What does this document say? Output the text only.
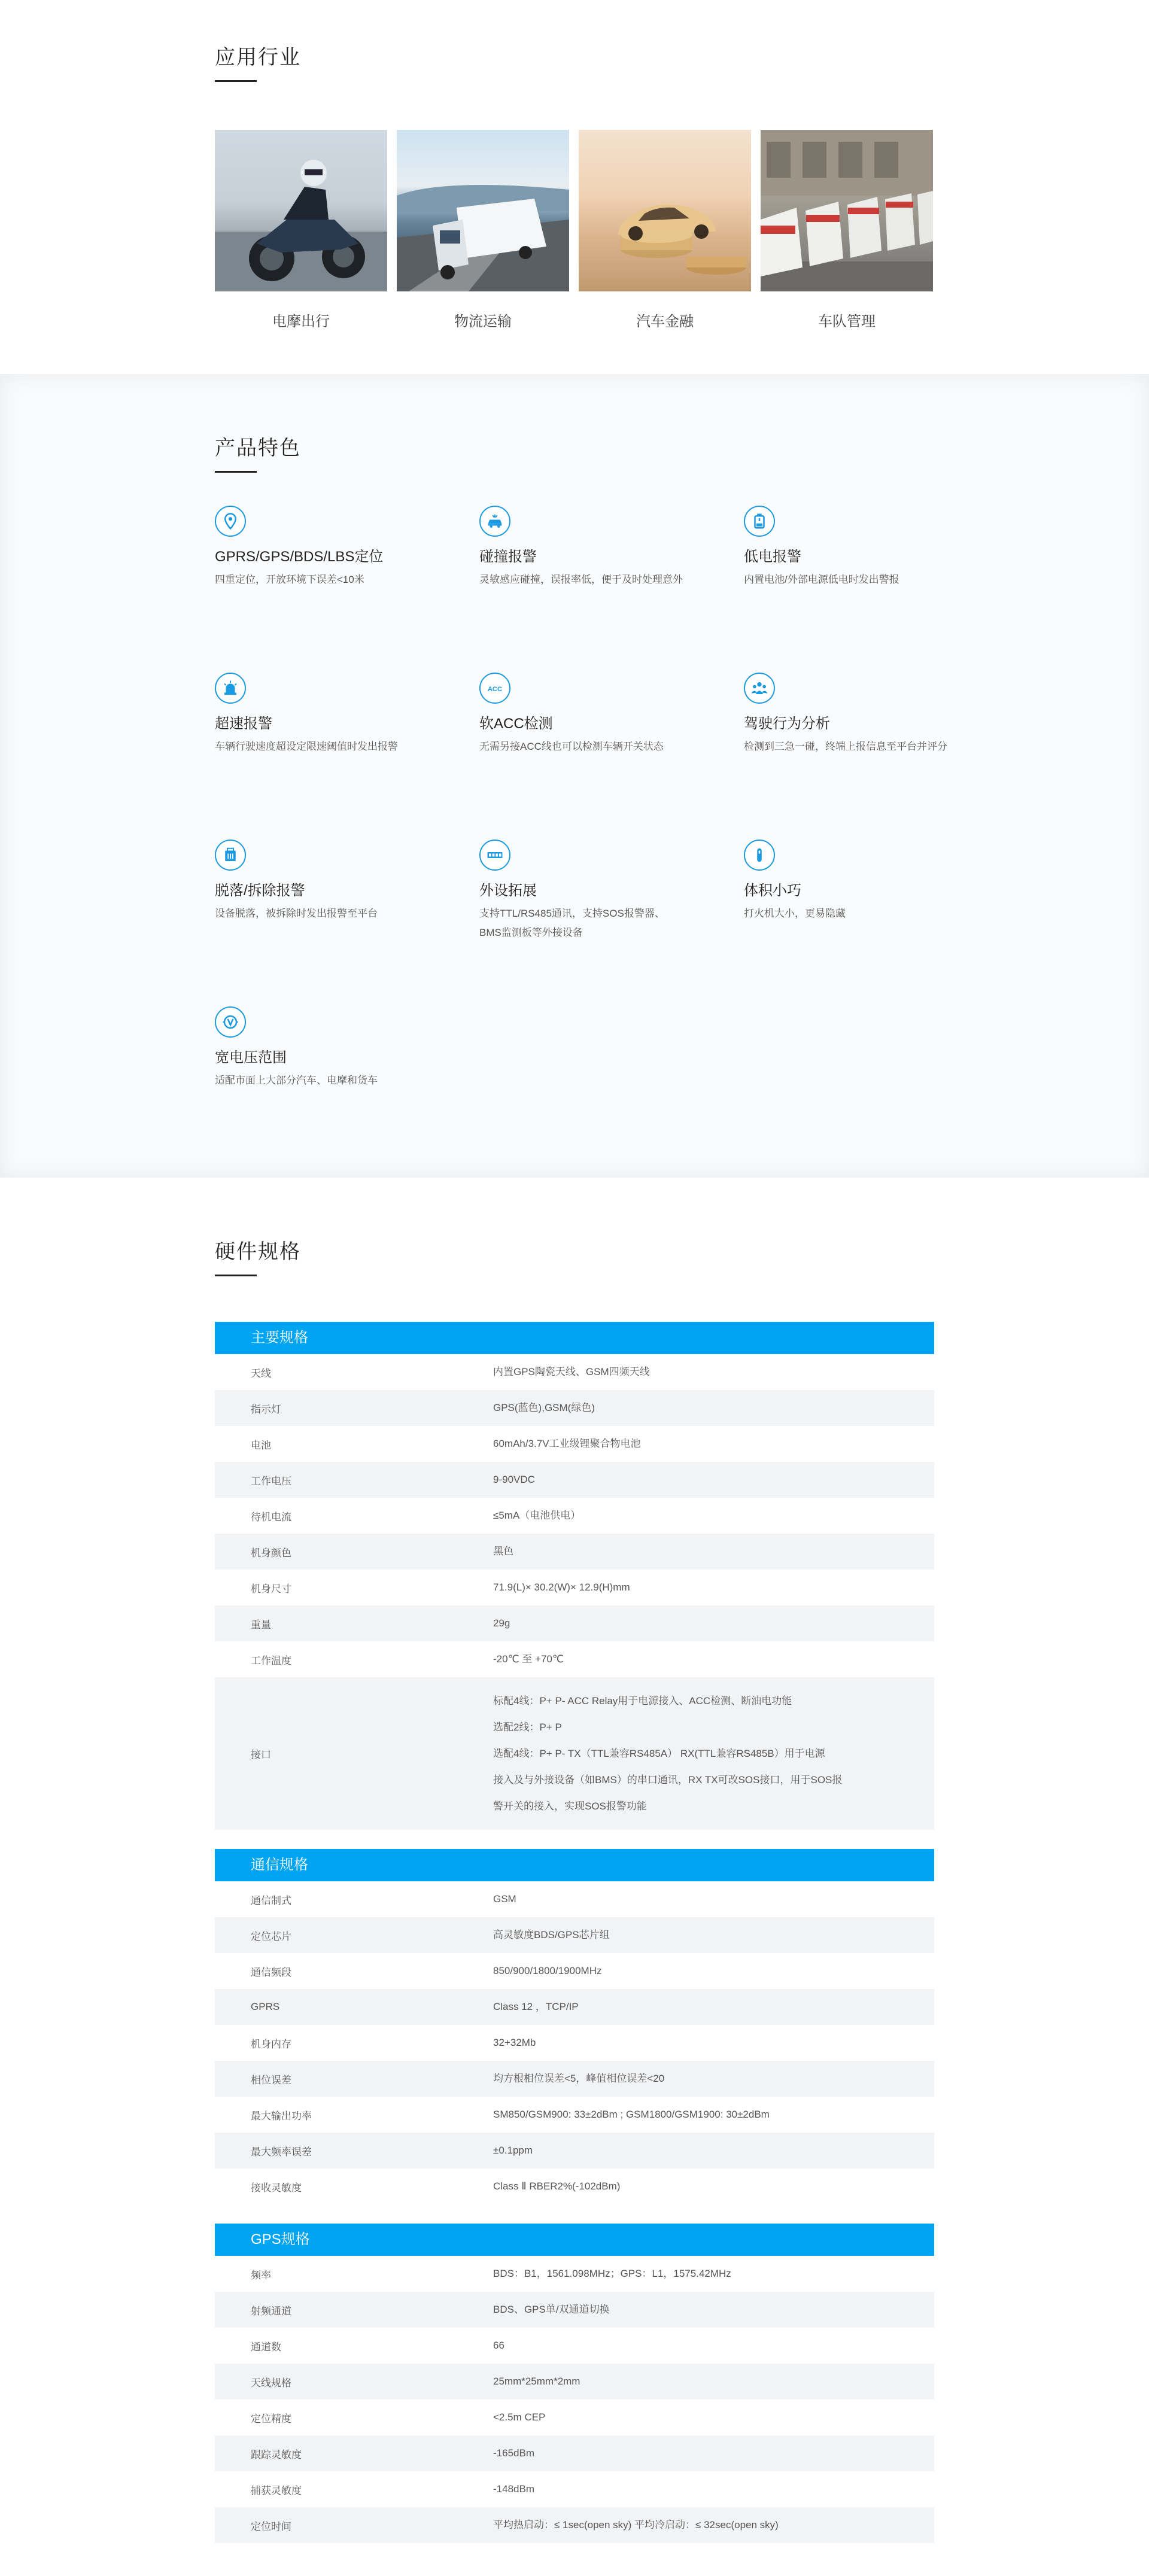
应用行业
电摩出行	物流运输	汽车金融	车队管理
产品特色
GPRS/GPS/BDS/LBS定位
四重定位，开放环境下误差<10米
碰撞报警
灵敏感应碰撞，误报率低，便于及时处理意外
低电报警
内置电池/外部电源低电时发出警报
超速报警
车辆行驶速度超设定限速阈值时发出报警
ACC
软ACC检测
无需另接ACC线也可以检测车辆开关状态
驾驶行为分析
检测到三急一碰，终端上报信息至平台并评分
脱落/拆除报警
设备脱落，被拆除时发出报警至平台
外设拓展
支持TTL/RS485通讯，支持SOS报警器、BMS监测板等外接设备
体积小巧
打火机大小，更易隐藏
宽电压范围
适配市面上大部分汽车、电摩和货车
硬件规格
主要规格
天线	内置GPS陶瓷天线、GSM四频天线
指示灯	GPS(蓝色),GSM(绿色)
电池	60mAh/3.7V工业级锂聚合物电池
工作电压	9-90VDC
待机电流	≤5mA（电池供电）
机身颜色	黑色
机身尺寸	71.9(L)× 30.2(W)× 12.9(H)mm
重量	29g
工作温度	-20℃ 至 +70℃
接口
标配4线：P+ P- ACC Relay用于电源接入、ACC检测、断油电功能
选配2线：P+ P
选配4线：P+ P- TX（TTL兼容RS485A） RX(TTL兼容RS485B）用于电源
接入及与外接设备（如BMS）的串口通讯，RX TX可改SOS接口，用于SOS报
警开关的接入，实现SOS报警功能
通信规格
通信制式	GSM
定位芯片	高灵敏度BDS/GPS芯片组
通信频段	850/900/1800/1900MHz
GPRS	Class 12 ，TCP/IP
机身内存	32+32Mb
相位误差	均方根相位误差<5，峰值相位误差<20
最大输出功率	SM850/GSM900: 33±2dBm ; GSM1800/GSM1900: 30±2dBm
最大频率误差	±0.1ppm
接收灵敏度	Class Ⅱ RBER2%(-102dBm)
GPS规格
频率	BDS：B1，1561.098MHz；GPS：L1，1575.42MHz
射频通道	BDS、GPS单/双通道切换
通道数	66
天线规格	25mm*25mm*2mm
定位精度	<2.5m CEP
跟踪灵敏度	-165dBm
捕获灵敏度	-148dBm
定位时间	平均热启动：≤ 1sec(open sky) 平均冷启动：≤ 32sec(open sky)
